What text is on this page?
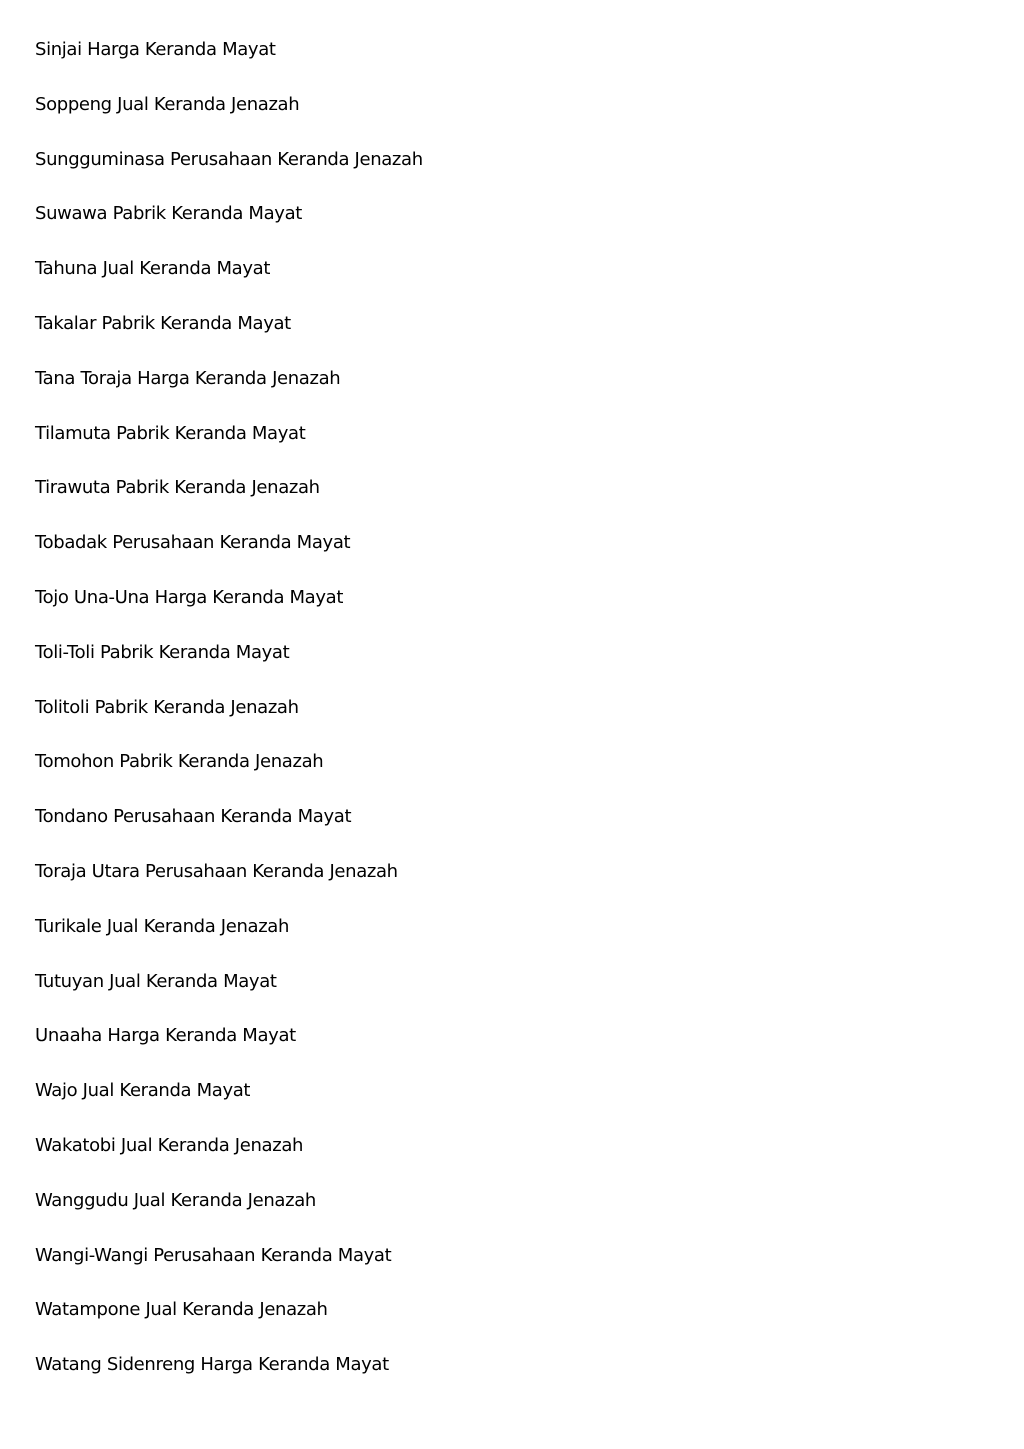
Sinjai Harga Keranda Mayat
Soppeng Jual Keranda Jenazah
Sungguminasa Perusahaan Keranda Jenazah
Suwawa Pabrik Keranda Mayat
Tahuna Jual Keranda Mayat
Takalar Pabrik Keranda Mayat
Tana Toraja Harga Keranda Jenazah
Tilamuta Pabrik Keranda Mayat
Tirawuta Pabrik Keranda Jenazah
Tobadak Perusahaan Keranda Mayat
Tojo Una-Una Harga Keranda Mayat
Toli-Toli Pabrik Keranda Mayat
Tolitoli Pabrik Keranda Jenazah
Tomohon Pabrik Keranda Jenazah
Tondano Perusahaan Keranda Mayat
Toraja Utara Perusahaan Keranda Jenazah
Turikale Jual Keranda Jenazah
Tutuyan Jual Keranda Mayat
Unaaha Harga Keranda Mayat
Wajo Jual Keranda Mayat
Wakatobi Jual Keranda Jenazah
Wanggudu Jual Keranda Jenazah
Wangi-Wangi Perusahaan Keranda Mayat
Watampone Jual Keranda Jenazah
Watang Sidenreng Harga Keranda Mayat
